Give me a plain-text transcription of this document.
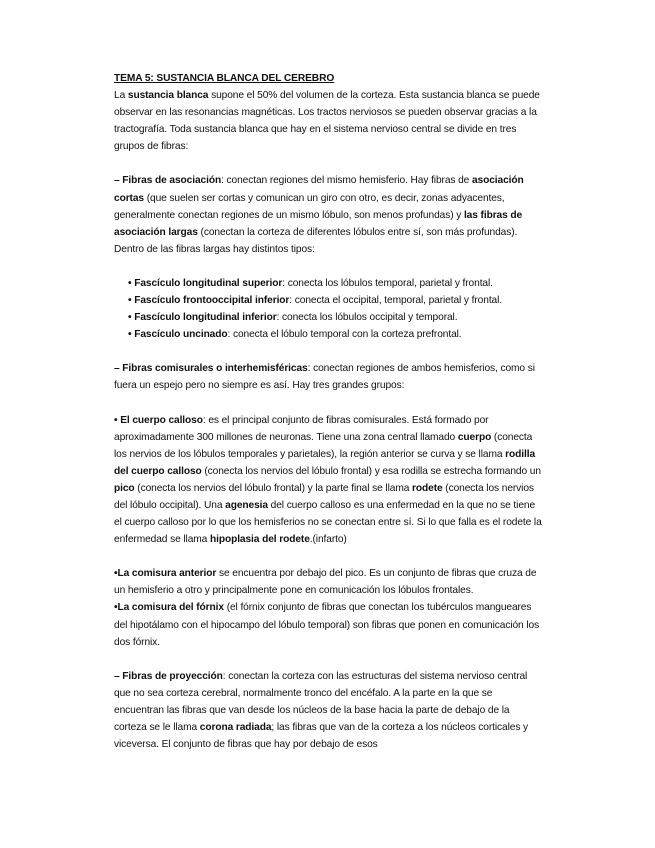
TEMA 5: SUSTANCIA BLANCA DEL CEREBRO

La sustancia blanca supone el 50% del volumen de la corteza. Esta sustancia blanca se puede observar en las resonancias magnéticas. Los tractos nerviosos se pueden observar gracias a la tractografía. Toda sustancia blanca que hay en el sistema nervioso central se divide en tres grupos de fibras:

– Fibras de asociación: conectan regiones del mismo hemisferio. Hay fibras de asociación cortas (que suelen ser cortas y comunican un giro con otro, es decir, zonas adyacentes, generalmente conectan regiones de un mismo lóbulo, son menos profundas) y las fibras de asociación largas (conectan la corteza de diferentes lóbulos entre sí, son más profundas). Dentro de las fibras largas hay distintos tipos:

• Fascículo longitudinal superior: conecta los lóbulos temporal, parietal y frontal.

• Fascículo frontooccipital inferior: conecta el occipital, temporal, parietal y frontal.

• Fascículo longitudinal inferior: conecta los lóbulos occipital y temporal.

• Fascículo uncinado: conecta el lóbulo temporal con la corteza prefrontal.

– Fibras comisurales o interhemisféricas: conectan regiones de ambos hemisferios, como si fuera un espejo pero no siempre es así. Hay tres grandes grupos:

• El cuerpo calloso: es el principal conjunto de fibras comisurales. Está formado por aproximadamente 300 millones de neuronas. Tiene una zona central llamado cuerpo (conecta los nervios de los lóbulos temporales y parietales), la región anterior se curva y se llama rodilla del cuerpo calloso (conecta los nervios del lóbulo frontal) y esa rodilla se estrecha formando un pico (conecta los nervios del lóbulo frontal) y la parte final se llama rodete (conecta los nervios del lóbulo occipital). Una agenesia del cuerpo calloso es una enfermedad en la que no se tiene el cuerpo calloso por lo que los hemisferios no se conectan entre sí. Si lo que falla es el rodete la enfermedad se llama hipoplasia del rodete.(infarto)

•La comisura anterior se encuentra por debajo del pico. Es un conjunto de fibras que cruza de un hemisferio a otro y principalmente pone en comunicación los lóbulos frontales.

•La comisura del fórnix (el fórnix conjunto de fibras que conectan los tubérculos mangueares del hipotálamo con el hipocampo del lóbulo temporal) son fibras que ponen en comunicación los dos fórnix.

– Fibras de proyección: conectan la corteza con las estructuras del sistema nervioso central que no sea corteza cerebral, normalmente tronco del encéfalo. A la parte en la que se encuentran las fibras que van desde los núcleos de la base hacia la parte de debajo de la corteza se le llama corona radiada; las fibras que van de la corteza a los núcleos corticales y viceversa. El conjunto de fibras que hay por debajo de esos
